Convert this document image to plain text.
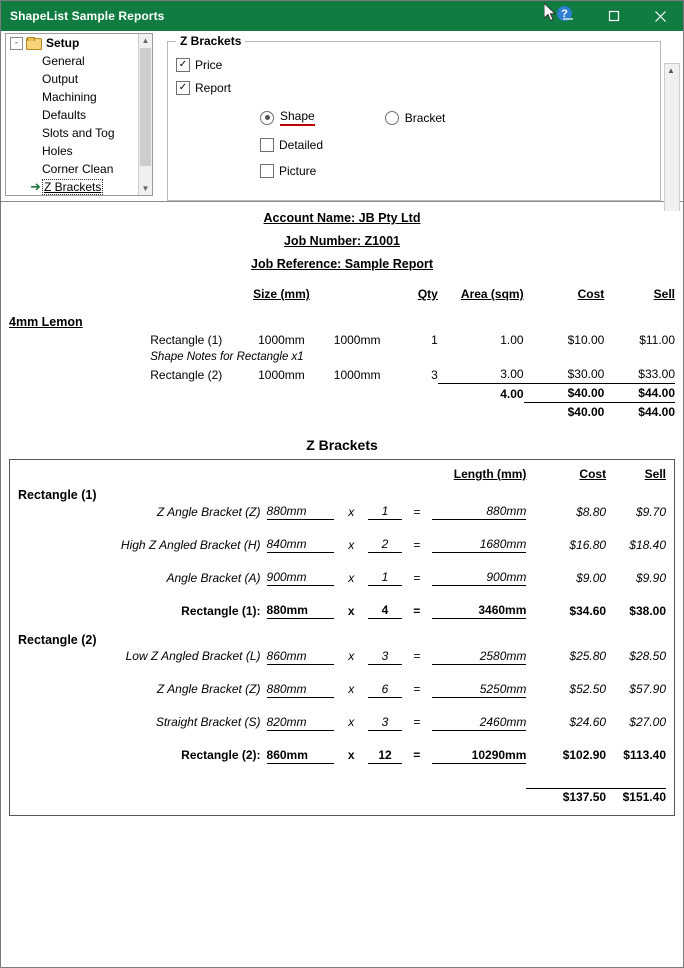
ShapeList Sample Reports	?
-	Setup
General
Output
Machining
Defaults
Slots and Tog
Holes
Corner Clean
➜ Z Brackets
▲
▼
Z Brackets
✓ Price
✓ Report
Shape	Bracket
Detailed
Picture
▲
Account Name: JB Pty Ltd
Job Number: Z1001
Job Reference: Sample Report
		Size (mm)		Qty	Area (sqm)	Cost	Sell
4mm Lemon							
	Rectangle (1)	1000mm	1000mm	1	1.00	$10.00	$11.00
	Shape Notes for Rectangle x1						
	Rectangle (2)	1000mm	1000mm	3	3.00	$30.00	$33.00
					4.00	$40.00	$44.00
						$40.00	$44.00
Z Brackets
					Length (mm)	Cost	Sell
Rectangle (1)							
Z Angle Bracket (Z)	880mm	x	1	=	880mm	$8.80	$9.70

High Z Angled Bracket (H)	840mm	x	2	=	1680mm	$16.80	$18.40

Angle Bracket (A)	900mm	x	1	=	900mm	$9.00	$9.90

Rectangle (1):	880mm	x	4	=	3460mm	$34.60	$38.00
Rectangle (2)							
Low Z Angled Bracket (L)	860mm	x	3	=	2580mm	$25.80	$28.50

Z Angle Bracket (Z)	880mm	x	6	=	5250mm	$52.50	$57.90

Straight Bracket (S)	820mm	x	3	=	2460mm	$24.60	$27.00

Rectangle (2):	860mm	x	12	=	10290mm	$102.90	$113.40

						$137.50	$151.40
